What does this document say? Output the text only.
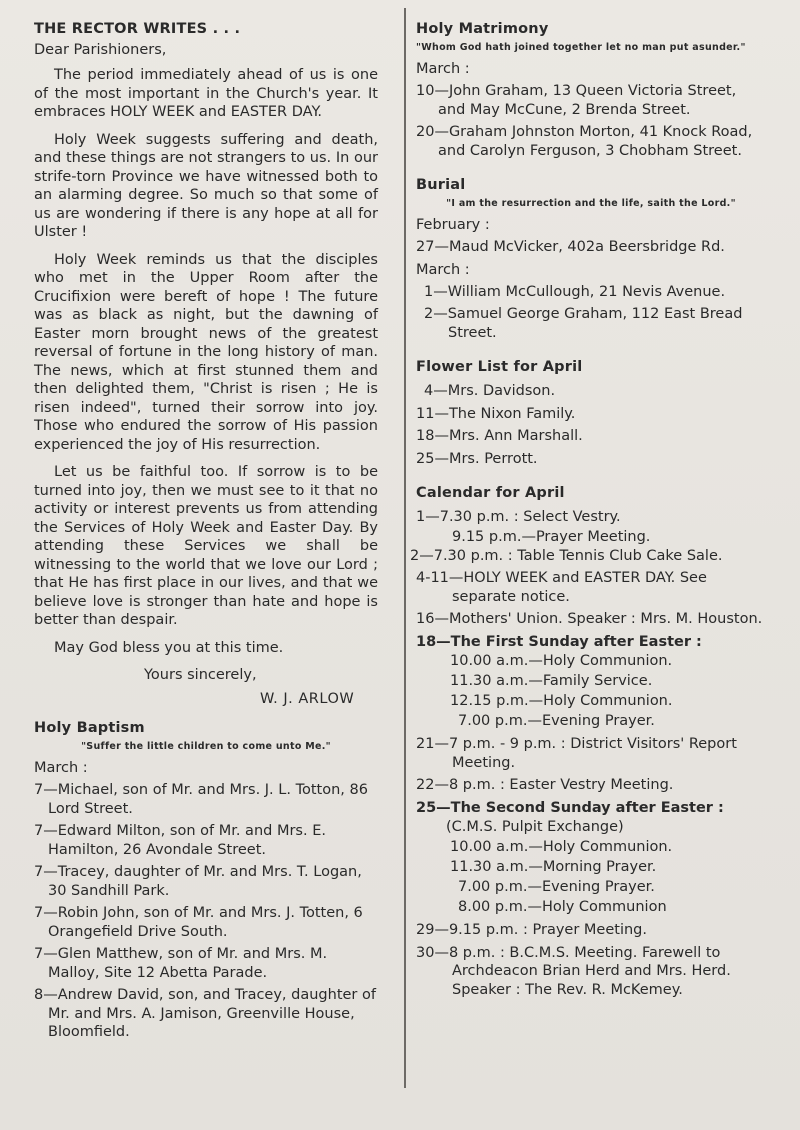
THE RECTOR WRITES . . .

Dear Parishioners,

The period immediately ahead of us is one of the most important in the Church's year. It embraces HOLY WEEK and EASTER DAY.

Holy Week suggests suffering and death, and these things are not strangers to us. In our strife-torn Province we have witnessed both to an alarming degree. So much so that some of us are wondering if there is any hope at all for Ulster !

Holy Week reminds us that the disciples who met in the Upper Room after the Crucifixion were bereft of hope ! The future was as black as night, but the dawning of Easter morn brought news of the greatest reversal of fortune in the long history of man. The news, which at first stunned them and then delighted them, "Christ is risen ; He is risen indeed", turned their sorrow into joy. Those who endured the sorrow of His passion experienced the joy of His resurrection.

Let us be faithful too. If sorrow is to be turned into joy, then we must see to it that no activity or interest prevents us from attending the Services of Holy Week and Easter Day. By attending these Services we shall be witnessing to the world that we love our Lord ; that He has first place in our lives, and that we believe love is stronger than hate and hope is better than despair.

May God bless you at this time.

Yours sincerely,

W. J. ARLOW

Holy Baptism

"Suffer the little children to come unto Me."

March :

7—Michael, son of Mr. and Mrs. J. L. Totton, 86 Lord Street.

7—Edward Milton, son of Mr. and Mrs. E. Hamilton, 26 Avondale Street.

7—Tracey, daughter of Mr. and Mrs. T. Logan, 30 Sandhill Park.

7—Robin John, son of Mr. and Mrs. J. Totten, 6 Orangefield Drive South.

7—Glen Matthew, son of Mr. and Mrs. M. Malloy, Site 12 Abetta Parade.

8—Andrew David, son, and Tracey, daughter of Mr. and Mrs. A. Jamison, Greenville House, Bloomfield.

Holy Matrimony

"Whom God hath joined together let no man put asunder."

March :

10—John Graham, 13 Queen Victoria Street, and May McCune, 2 Brenda Street.

20—Graham Johnston Morton, 41 Knock Road, and Carolyn Ferguson, 3 Chobham Street.

Burial

"I am the resurrection and the life, saith the Lord."

February :

27—Maud McVicker, 402a Beersbridge Rd.

March :

1—William McCullough, 21 Nevis Avenue.

2—Samuel George Graham, 112 East Bread Street.

Flower List for April

4—Mrs. Davidson.

11—The Nixon Family.

18—Mrs. Ann Marshall.

25—Mrs. Perrott.

Calendar for April

1—7.30 p.m. : Select Vestry.

9.15 p.m.—Prayer Meeting.

2—7.30 p.m. : Table Tennis Club Cake Sale.

4-11—HOLY WEEK and EASTER DAY. See separate notice.

16—Mothers' Union. Speaker : Mrs. M. Houston.

18—The First Sunday after Easter :

10.00 a.m.—Holy Communion.

11.30 a.m.—Family Service.

12.15 p.m.—Holy Communion.

7.00 p.m.—Evening Prayer.

21—7 p.m. - 9 p.m. : District Visitors' Report Meeting.

22—8 p.m. : Easter Vestry Meeting.

25—The Second Sunday after Easter :

(C.M.S. Pulpit Exchange)

10.00 a.m.—Holy Communion.

11.30 a.m.—Morning Prayer.

7.00 p.m.—Evening Prayer.

8.00 p.m.—Holy Communion

29—9.15 p.m. : Prayer Meeting.

30—8 p.m. : B.C.M.S. Meeting. Farewell to Archdeacon Brian Herd and Mrs. Herd. Speaker : The Rev. R. McKemey.
